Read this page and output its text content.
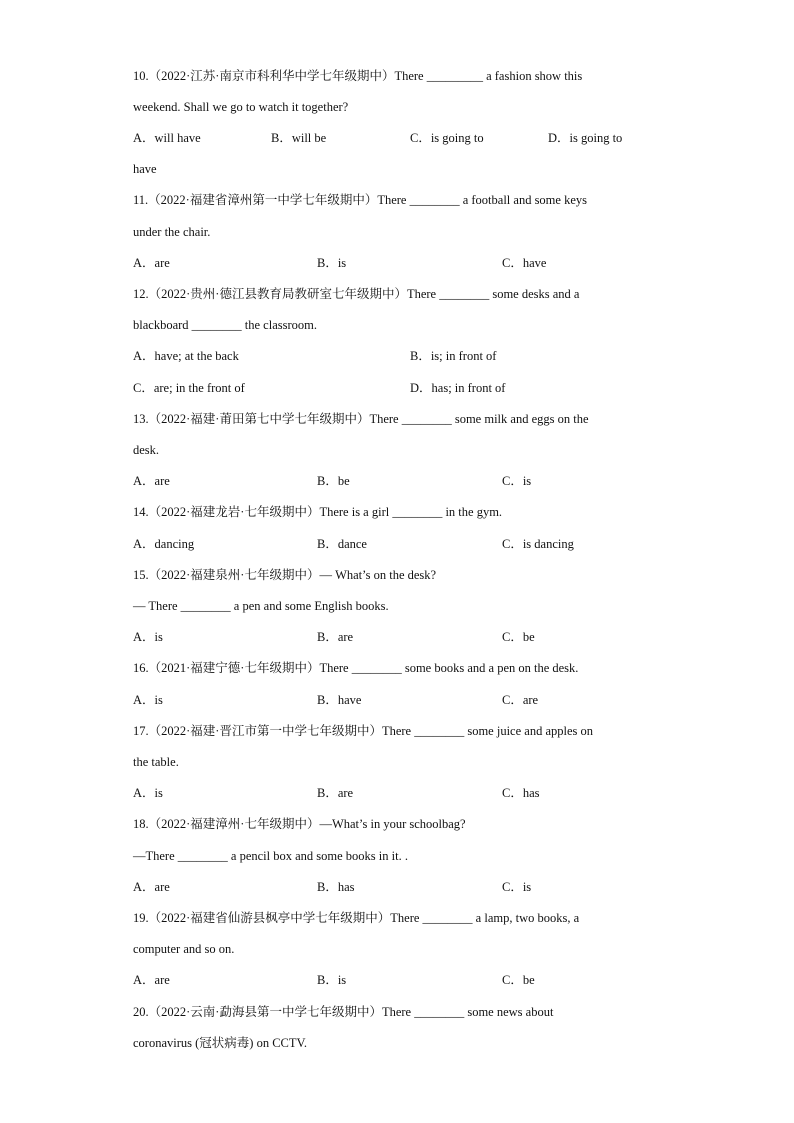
10.（2022·江苏·南京市科利华中学七年级期中）There _________ a fashion show this
weekend. Shall we go to watch it together?
A．will have	B．will be	C．is going to	D．is going to
have
11.（2022·福建省漳州第一中学七年级期中）There ________ a football and some keys
under the chair.
A．are	B．is	C．have
12.（2022·贵州·德江县教育局教研室七年级期中）There ________ some desks and a
blackboard ________ the classroom.
A．have; at the back	B．is; in front of
C．are; in the front of	D．has; in front of
13.（2022·福建·莆田第七中学七年级期中）There ________ some milk and eggs on the
desk.
A．are	B．be	C．is
14.（2022·福建龙岩·七年级期中）There is a girl ________ in the gym.
A．dancing	B．dance	C．is dancing
15.（2022·福建泉州·七年级期中）— What’s on the desk?
— There ________ a pen and some English books.
A．is	B．are	C．be
16.（2021·福建宁德·七年级期中）There ________ some books and a pen on the desk.
A．is	B．have	C．are
17.（2022·福建·晋江市第一中学七年级期中）There ________ some juice and apples on
the table.
A．is	B．are	C．has
18.（2022·福建漳州·七年级期中）—What’s in your schoolbag?
—There ________ a pencil box and some books in it. .
A．are	B．has	C．is
19.（2022·福建省仙游县枫亭中学七年级期中）There ________ a lamp, two books, a
computer and so on.
A．are	B．is	C．be
20.（2022·云南·勐海县第一中学七年级期中）There ________ some news about
coronavirus (冠状病毒) on CCTV.
